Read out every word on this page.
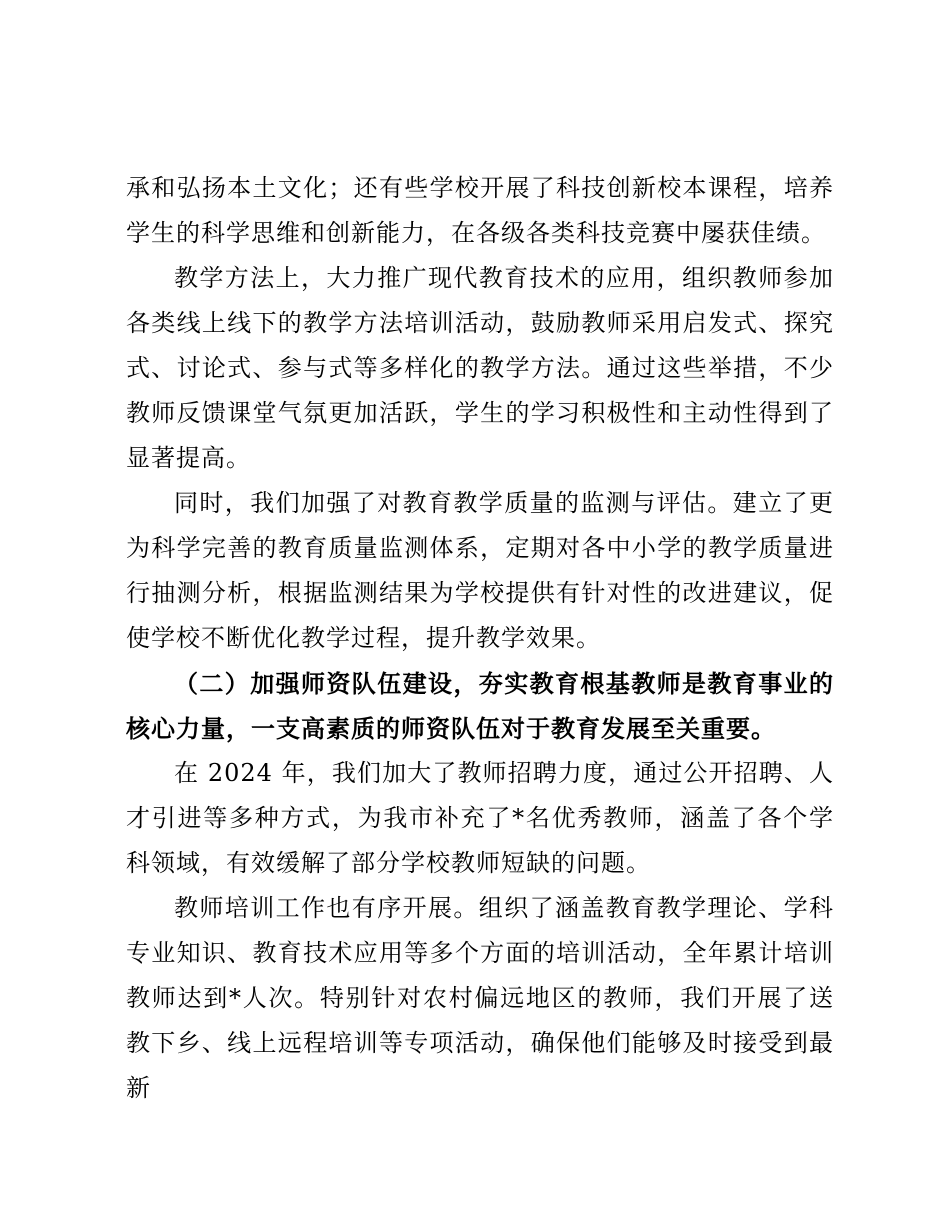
承和弘扬本土文化；还有些学校开展了科技创新校本课程，培养学生的科学思维和创新能力，在各级各类科技竞赛中屡获佳绩。

教学方法上，大力推广现代教育技术的应用，组织教师参加各类线上线下的教学方法培训活动，鼓励教师采用启发式、探究式、讨论式、参与式等多样化的教学方法。通过这些举措，不少教师反馈课堂气氛更加活跃，学生的学习积极性和主动性得到了显著提高。

同时，我们加强了对教育教学质量的监测与评估。建立了更为科学完善的教育质量监测体系，定期对各中小学的教学质量进行抽测分析，根据监测结果为学校提供有针对性的改进建议，促使学校不断优化教学过程，提升教学效果。

（二）加强师资队伍建设，夯实教育根基教师是教育事业的核心力量，一支高素质的师资队伍对于教育发展至关重要。

在 2024 年，我们加大了教师招聘力度，通过公开招聘、人才引进等多种方式，为我市补充了*名优秀教师，涵盖了各个学科领域，有效缓解了部分学校教师短缺的问题。

教师培训工作也有序开展。组织了涵盖教育教学理论、学科专业知识、教育技术应用等多个方面的培训活动，全年累计培训教师达到*人次。特别针对农村偏远地区的教师，我们开展了送教下乡、线上远程培训等专项活动，确保他们能够及时接受到最新
